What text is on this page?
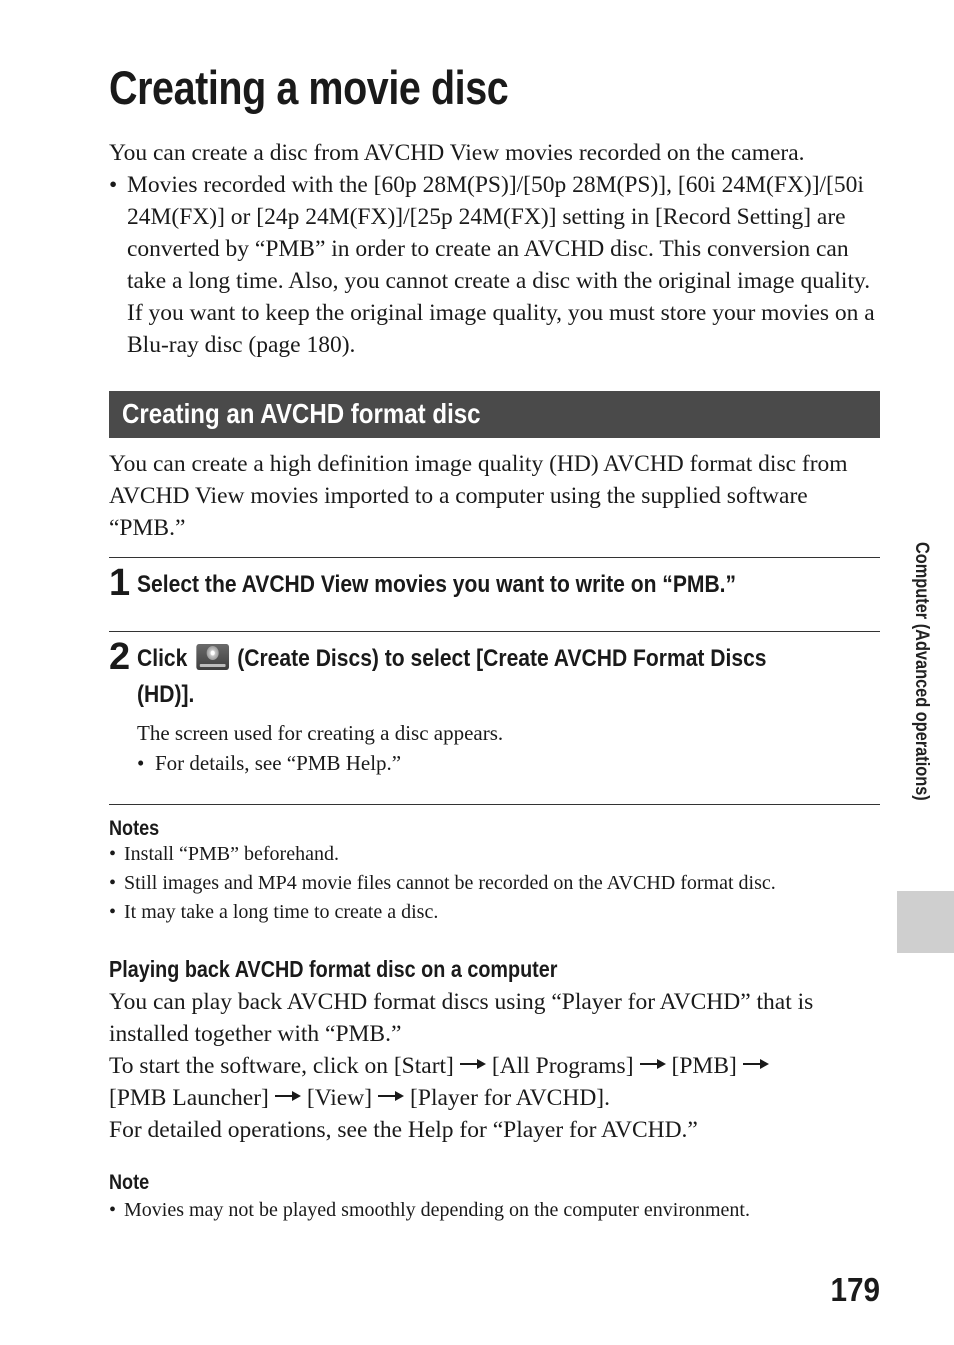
Creating a movie disc
You can create a disc from AVCHD View movies recorded on the camera.
• Movies recorded with the [60p 28M(PS)]/[50p 28M(PS)], [60i 24M(FX)]/[50i 24M(FX)] or [24p 24M(FX)]/[25p 24M(FX)] setting in [Record Setting] are converted by “PMB” in order to create an AVCHD disc. This conversion can take a long time. Also, you cannot create a disc with the original image quality. If you want to keep the original image quality, you must store your movies on a Blu-ray disc (page 180).
Creating an AVCHD format disc
You can create a high definition image quality (HD) AVCHD format disc from AVCHD View movies imported to a computer using the supplied software “PMB.”
1 Select the AVCHD View movies you want to write on “PMB.”
2 Click (Create Discs) to select [Create AVCHD Format Discs
(HD)].
The screen used for creating a disc appears.
• For details, see “PMB Help.”
Notes
• Install “PMB” beforehand.
• Still images and MP4 movie files cannot be recorded on the AVCHD format disc.
• It may take a long time to create a disc.
Playing back AVCHD format disc on a computer
You can play back AVCHD format discs using “Player for AVCHD” that is installed together with “PMB.”
To start the software, click on [Start] [All Programs] [PMB]
[PMB Launcher] [View] [Player for AVCHD].
For detailed operations, see the Help for “Player for AVCHD.”
Note
• Movies may not be played smoothly depending on the computer environment.
Computer (Advanced operations)
179
